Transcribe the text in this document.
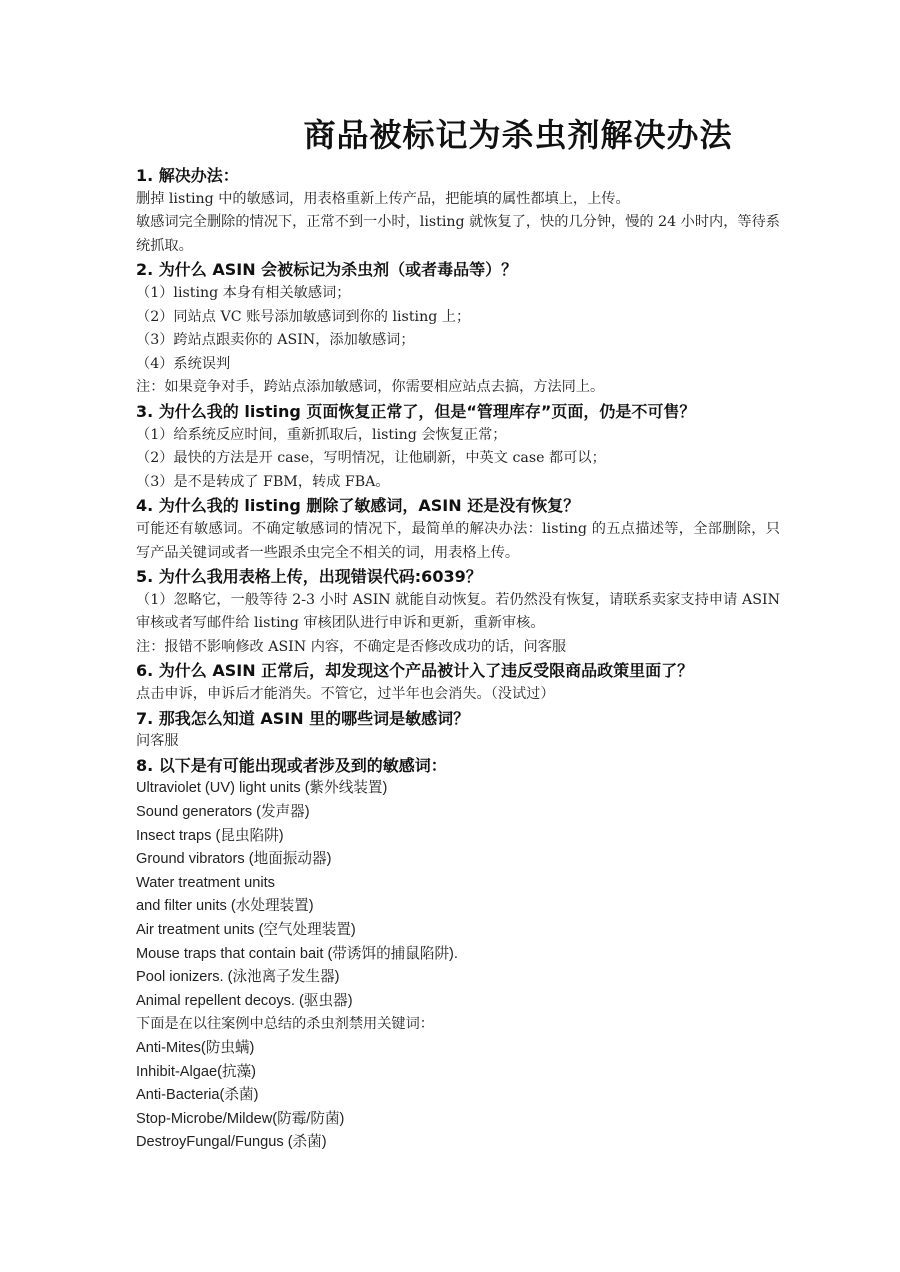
商品被标记为杀虫剂解决办法

1. 解决办法：

删掉 listing 中的敏感词，用表格重新上传产品，把能填的属性都填上，上传。

敏感词完全删除的情况下，正常不到一小时，listing 就恢复了，快的几分钟，慢的 24 小时内，等待系统抓取。

2. 为什么 ASIN 会被标记为杀虫剂（或者毒品等）？

（1）listing 本身有相关敏感词；

（2）同站点 VC 账号添加敏感词到你的 listing 上；

（3）跨站点跟卖你的 ASIN，添加敏感词；

（4）系统误判

注：如果竞争对手，跨站点添加敏感词，你需要相应站点去搞，方法同上。

3. 为什么我的 listing 页面恢复正常了，但是“管理库存”页面，仍是不可售？

（1）给系统反应时间，重新抓取后，listing 会恢复正常；

（2）最快的方法是开 case，写明情况，让他刷新，中英文 case 都可以；

（3）是不是转成了 FBM，转成 FBA。

4. 为什么我的 listing 删除了敏感词，ASIN 还是没有恢复？

可能还有敏感词。不确定敏感词的情况下，最简单的解决办法：listing 的五点描述等，全部删除，只写产品关键词或者一些跟杀虫完全不相关的词，用表格上传。

5. 为什么我用表格上传，出现错误代码:6039？

（1）忽略它，一般等待 2-3 小时 ASIN 就能自动恢复。若仍然没有恢复，请联系卖家支持申请 ASIN 审核或者写邮件给 listing 审核团队进行申诉和更新，重新审核。

注：报错不影响修改 ASIN 内容，不确定是否修改成功的话，问客服

6. 为什么 ASIN 正常后，却发现这个产品被计入了违反受限商品政策里面了？

点击申诉，申诉后才能消失。不管它，过半年也会消失。（没试过）

7. 那我怎么知道 ASIN 里的哪些词是敏感词？

问客服

8. 以下是有可能出现或者涉及到的敏感词：

Ultraviolet (UV) light units (紫外线装置)

Sound generators (发声器)

Insect traps (昆虫陷阱)

Ground vibrators (地面振动器)

Water treatment units

and filter units (水处理装置)

Air treatment units (空气处理装置)

Mouse traps that contain bait (带诱饵的捕鼠陷阱).

Pool ionizers. (泳池离子发生器)

Animal repellent decoys. (驱虫器)

下面是在以往案例中总结的杀虫剂禁用关键词：

Anti-Mites(防虫螨)

Inhibit-Algae(抗藻)

Anti-Bacteria(杀菌)

Stop-Microbe/Mildew(防霉/防菌)

DestroyFungal/Fungus (杀菌)
